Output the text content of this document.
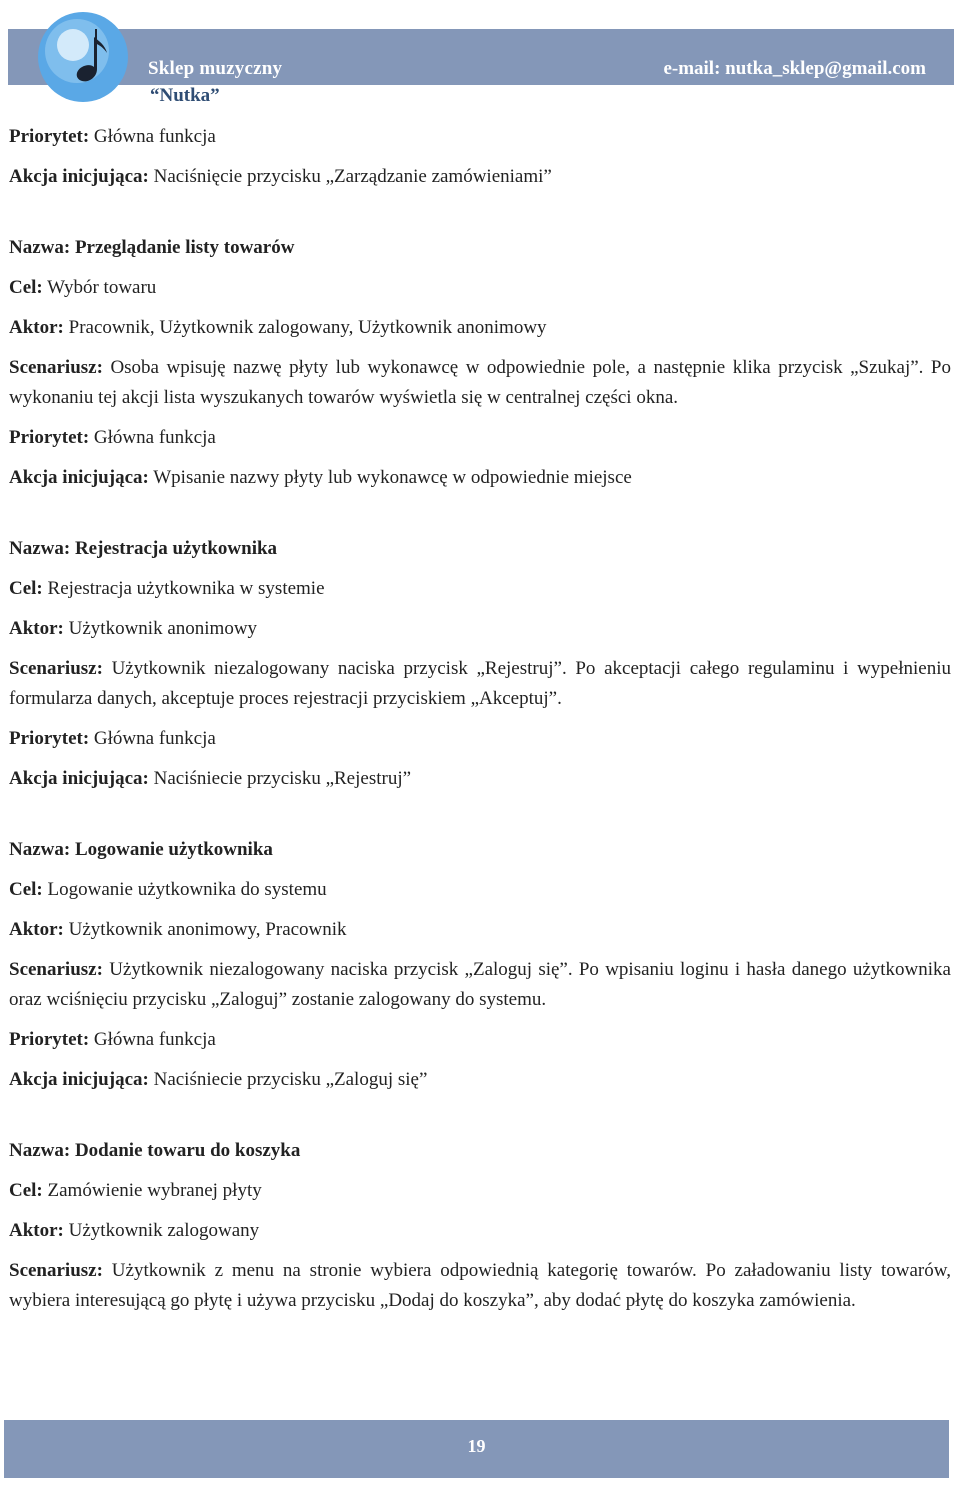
Sklep muzyczny
“Nutka”
e-mail: nutka_sklep@gmail.com
Priorytet: Główna funkcja
Akcja inicjująca: Naciśnięcie przycisku „Zarządzanie zamówieniami”
Nazwa: Przeglądanie listy towarów
Cel: Wybór towaru
Aktor: Pracownik, Użytkownik zalogowany, Użytkownik anonimowy
Scenariusz: Osoba wpisuję nazwę płyty lub wykonawcę w odpowiednie pole, a następnie klika przycisk „Szukaj”. Po wykonaniu tej akcji lista wyszukanych towarów wyświetla się w centralnej części okna.
Priorytet: Główna funkcja
Akcja inicjująca: Wpisanie nazwy płyty lub wykonawcę w odpowiednie miejsce
Nazwa: Rejestracja użytkownika
Cel: Rejestracja użytkownika w systemie
Aktor: Użytkownik anonimowy
Scenariusz: Użytkownik niezalogowany naciska przycisk „Rejestruj”. Po akceptacji całego regulaminu i wypełnieniu formularza danych, akceptuje proces rejestracji przyciskiem „Akceptuj”.
Priorytet: Główna funkcja
Akcja inicjująca: Naciśniecie przycisku „Rejestruj”
Nazwa: Logowanie użytkownika
Cel: Logowanie użytkownika do systemu
Aktor: Użytkownik anonimowy, Pracownik
Scenariusz: Użytkownik niezalogowany naciska przycisk „Zaloguj się”. Po wpisaniu loginu i hasła danego użytkownika oraz wciśnięciu przycisku „Zaloguj” zostanie zalogowany do systemu.
Priorytet: Główna funkcja
Akcja inicjująca: Naciśniecie przycisku „Zaloguj się”
Nazwa: Dodanie towaru do koszyka
Cel: Zamówienie wybranej płyty
Aktor: Użytkownik zalogowany
Scenariusz: Użytkownik z menu na stronie wybiera odpowiednią kategorię towarów. Po załadowaniu listy towarów, wybiera interesującą go płytę i używa przycisku „Dodaj do koszyka”, aby dodać płytę do koszyka zamówienia.
19
